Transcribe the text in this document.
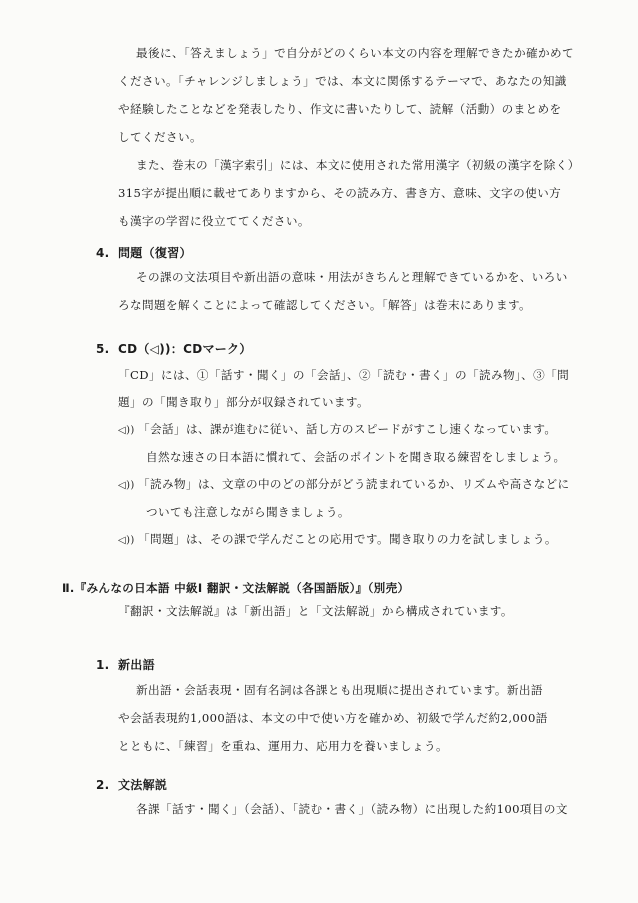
最後に、「答えましょう」で自分がどのくらい本文の内容を理解できたか確かめて
ください。「チャレンジしましょう」では、本文に関係するテーマで、あなたの知識
や経験したことなどを発表したり、作文に書いたりして、読解（活動）のまとめを
してください。
また、巻末の「漢字索引」には、本文に使用された常用漢字（初級の漢字を除く）
315字が提出順に載せてありますから、その読み方、書き方、意味、文字の使い方
も漢字の学習に役立ててください。
4. 問題（復習）
その課の文法項目や新出語の意味・用法がきちんと理解できているかを、いろい
ろな問題を解くことによって確認してください。「解答」は巻末にあります。
5. CD（◁))：CDマーク）
「CD」には、①「話す・聞く」の「会話」、②「読む・書く」の「読み物」、③「問
題」の「聞き取り」部分が収録されています。
◁)) 「会話」は、課が進むに従い、話し方のスピードがすこし速くなっています。
自然な速さの日本語に慣れて、会話のポイントを聞き取る練習をしましょう。
◁)) 「読み物」は、文章の中のどの部分がどう読まれているか、リズムや高さなどに
ついても注意しながら聞きましょう。
◁)) 「問題」は、その課で学んだことの応用です。聞き取りの力を試しましょう。
Ⅱ.『みんなの日本語 中級Ⅰ 翻訳・文法解説（各国語版）』（別売）
『翻訳・文法解説』は「新出語」と「文法解説」から構成されています。
1. 新出語
新出語・会話表現・固有名詞は各課とも出現順に提出されています。新出語
や会話表現約1,000語は、本文の中で使い方を確かめ、初級で学んだ約2,000語
とともに、「練習」を重ね、運用力、応用力を養いましょう。
2. 文法解説
各課「話す・聞く」（会話）、「読む・書く」（読み物）に出現した約100項目の文
